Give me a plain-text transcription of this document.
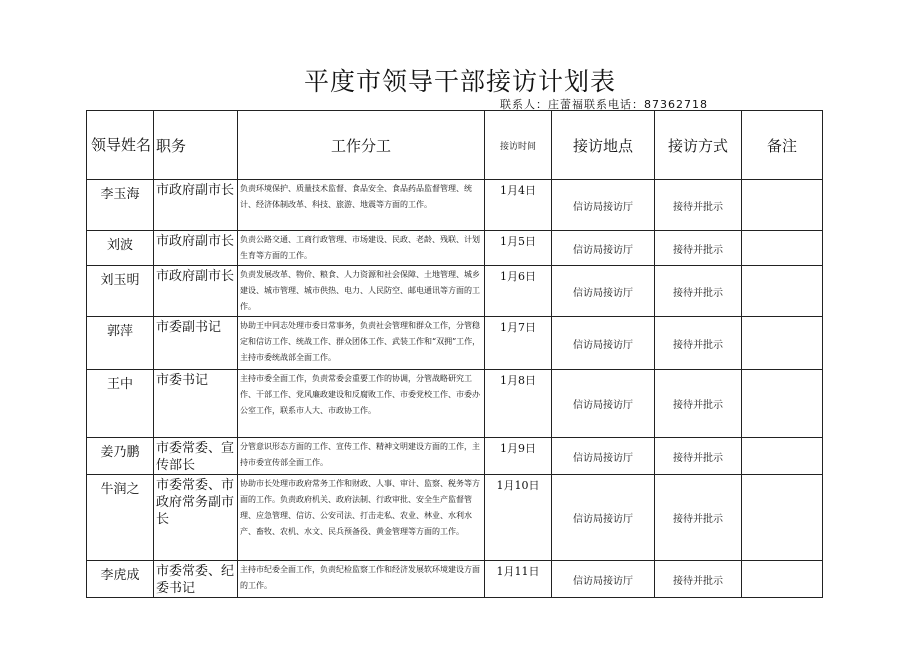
平度市领导干部接访计划表
联系人：庄蕾福联系电话：87362718
领导姓名	职务	工作分工	接访时间	接访地点	接访方式	备注
李玉海	市政府副市长	负责环境保护、质量技术监督、食品安全、食品药品监督管理、统计、经济体制改革、科技、旅游、地震等方面的工作。	1月4日	信访局接访厅	接待并批示	
刘波	市政府副市长	负责公路交通、工商行政管理、市场建设、民政、老龄、残联、计划生育等方面的工作。	1月5日	信访局接访厅	接待并批示	
刘玉明	市政府副市长	负责发展改革、物价、粮食、人力资源和社会保障、土地管理、城乡建设、城市管理、城市供热、电力、人民防空、邮电通讯等方面的工作。	1月6日	信访局接访厅	接待并批示	
郭萍	市委副书记	协助王中同志处理市委日常事务，负责社会管理和群众工作，分管稳定和信访工作、统战工作、群众团体工作、武装工作和“双拥”工作，主持市委统战部全面工作。	1月7日	信访局接访厅	接待并批示	
王中	市委书记	主持市委全面工作，负责常委会重要工作的协调，分管战略研究工作、干部工作、党风廉政建设和反腐败工作、市委党校工作、市委办公室工作，联系市人大、市政协工作。	1月8日	信访局接访厅	接待并批示	
姜乃鹏	市委常委、宣传部长	分管意识形态方面的工作、宣传工作、精神文明建设方面的工作，主持市委宣传部全面工作。	1月9日	信访局接访厅	接待并批示	
牛润之	市委常委、市政府常务副市长	协助市长处理市政府常务工作和财政、人事、审计、监察、税务等方面的工作。负责政府机关、政府法制、行政审批、安全生产监督管理、应急管理、信访、公安司法、打击走私、农业、林业、水利水产、畜牧、农机、水文、民兵预备役、黄金管理等方面的工作。	1月10日	信访局接访厅	接待并批示	
李虎成	市委常委、纪委书记	主持市纪委全面工作，负责纪检监察工作和经济发展软环境建设方面的工作。	1月11日	信访局接访厅	接待并批示	
